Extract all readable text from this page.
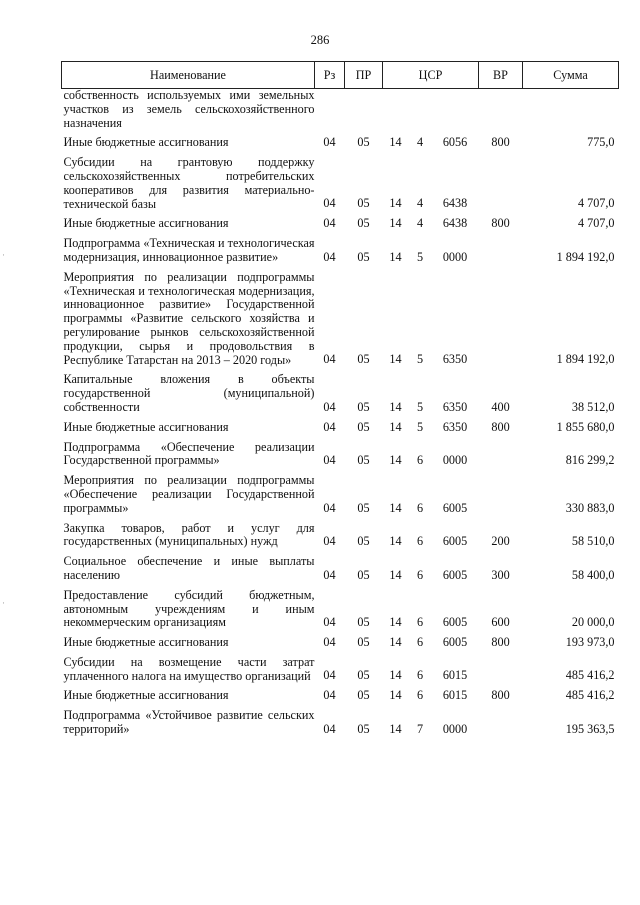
286
Наименование	Рз	ПР	ЦСР			ВР	Сумма
собственность используемых ими земельных участков из земель сельскохозяйственного назначения							
Иные бюджетные ассигнования	04	05	14	4	6056	800	775,0
Субсидии на грантовую поддержку сельскохозяйственных потребительских кооперативов для развития материально-технической базы	04	05	14	4	6438		4 707,0
Иные бюджетные ассигнования	04	05	14	4	6438	800	4 707,0
Подпрограмма «Техническая и технологическая модернизация, инновационное развитие»	04	05	14	5	0000		1 894 192,0
Мероприятия по реализации подпрограммы «Техническая и технологическая модернизация, инновационное развитие» Государственной программы «Развитие сельского хозяйства и регулирование рынков сельскохозяйственной продукции, сырья и продовольствия в Республике Татарстан на 2013 – 2020 годы»	04	05	14	5	6350		1 894 192,0
Капитальные вложения в объекты государственной (муниципальной) собственности	04	05	14	5	6350	400	38 512,0
Иные бюджетные ассигнования	04	05	14	5	6350	800	1 855 680,0
Подпрограмма «Обеспечение реализации Государственной программы»	04	05	14	6	0000		816 299,2
Мероприятия по реализации подпрограммы «Обеспечение реализации Государственной программы»	04	05	14	6	6005		330 883,0
Закупка товаров, работ и услуг для государственных (муниципальных) нужд	04	05	14	6	6005	200	58 510,0
Социальное обеспечение и иные выплаты населению	04	05	14	6	6005	300	58 400,0
Предоставление субсидий бюджетным, автономным учреждениям и иным некоммерческим организациям	04	05	14	6	6005	600	20 000,0
Иные бюджетные ассигнования	04	05	14	6	6005	800	193 973,0
Субсидии на возмещение части затрат уплаченного налога на имущество организаций	04	05	14	6	6015		485 416,2
Иные бюджетные ассигнования	04	05	14	6	6015	800	485 416,2
Подпрограмма «Устойчивое развитие сельских территорий»	04	05	14	7	0000		195 363,5
·
·
